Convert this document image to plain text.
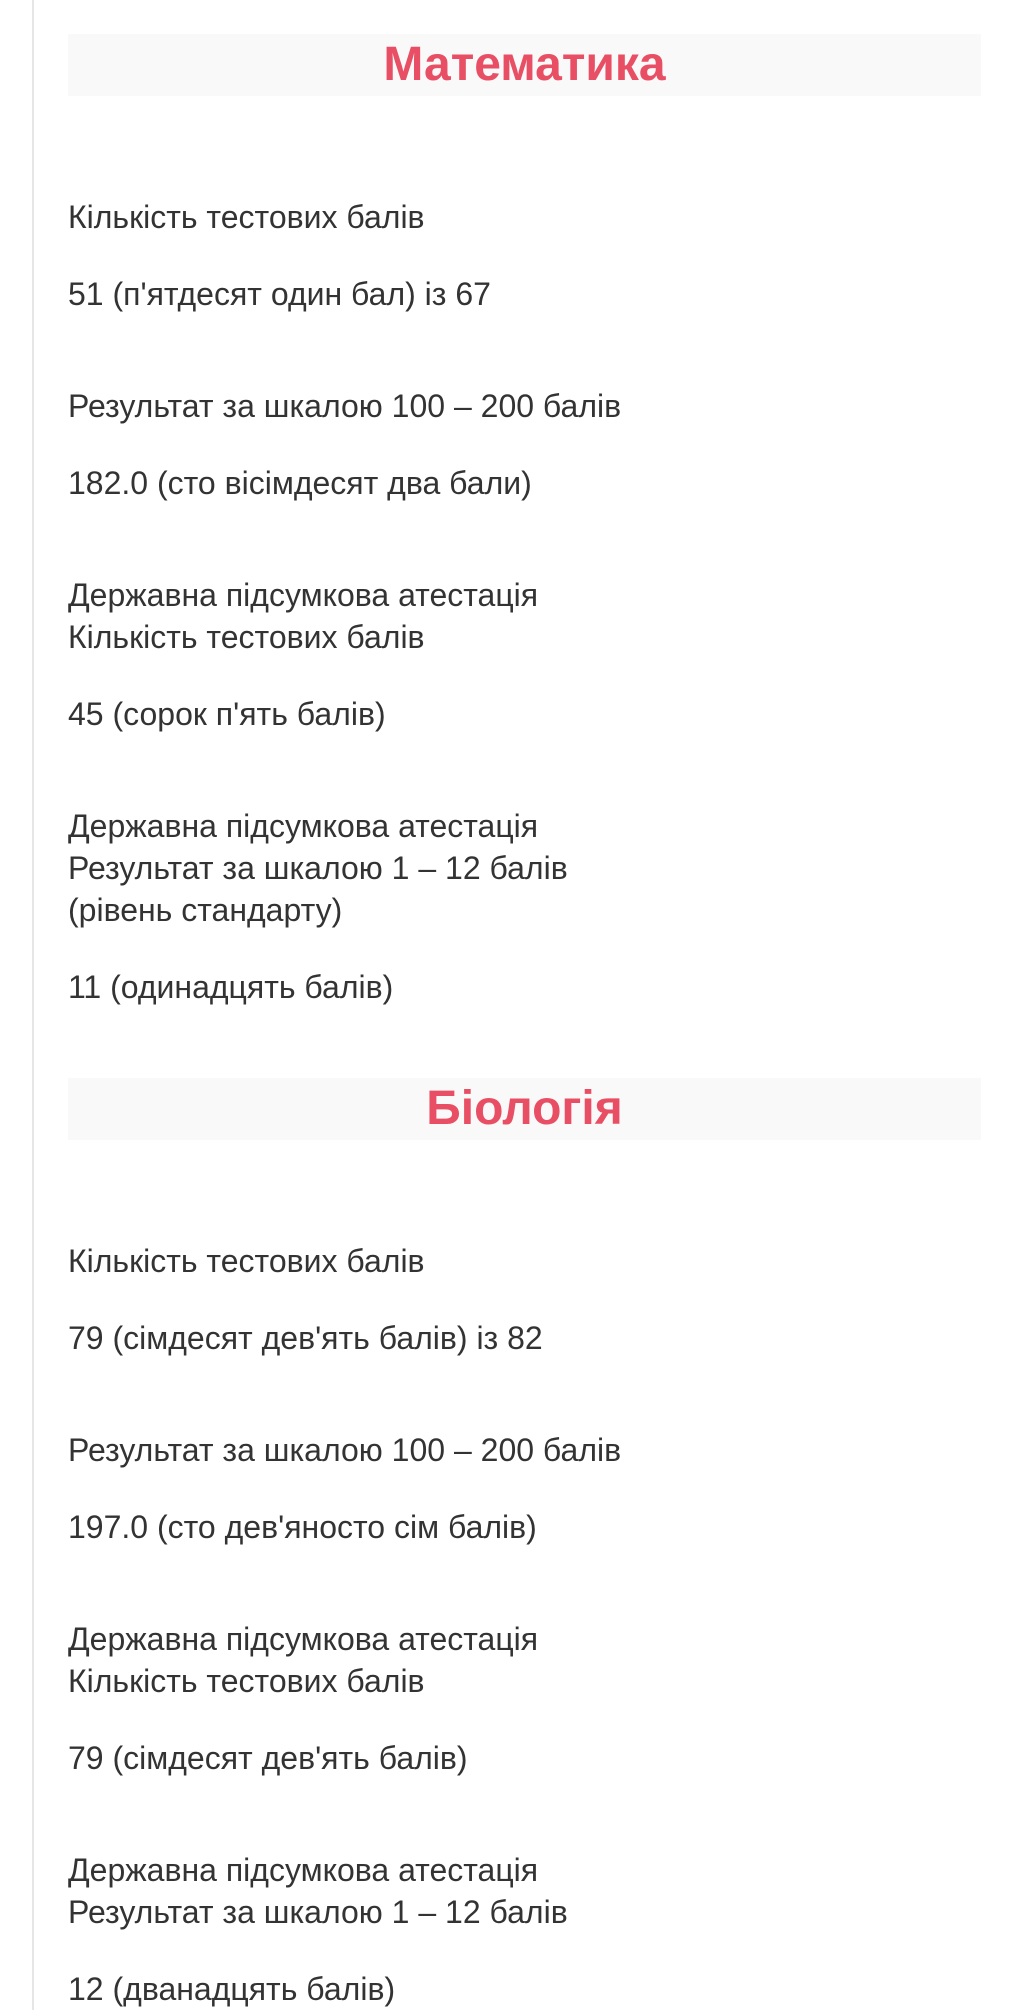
Математика

Кількість тестових балів

51 (п'ятдесят один бал) із 67

Результат за шкалою 100 – 200 балів

182.0 (сто вісімдесят два бали)

Державна підсумкова атестація
Кількість тестових балів

45 (сорок п'ять балів)

Державна підсумкова атестація
Результат за шкалою 1 – 12 балів
(рівень стандарту)

11 (одинадцять балів)

Біологія

Кількість тестових балів

79 (сімдесят дев'ять балів) із 82

Результат за шкалою 100 – 200 балів

197.0 (сто дев'яносто сім балів)

Державна підсумкова атестація
Кількість тестових балів

79 (сімдесят дев'ять балів)

Державна підсумкова атестація
Результат за шкалою 1 – 12 балів

12 (дванадцять балів)
